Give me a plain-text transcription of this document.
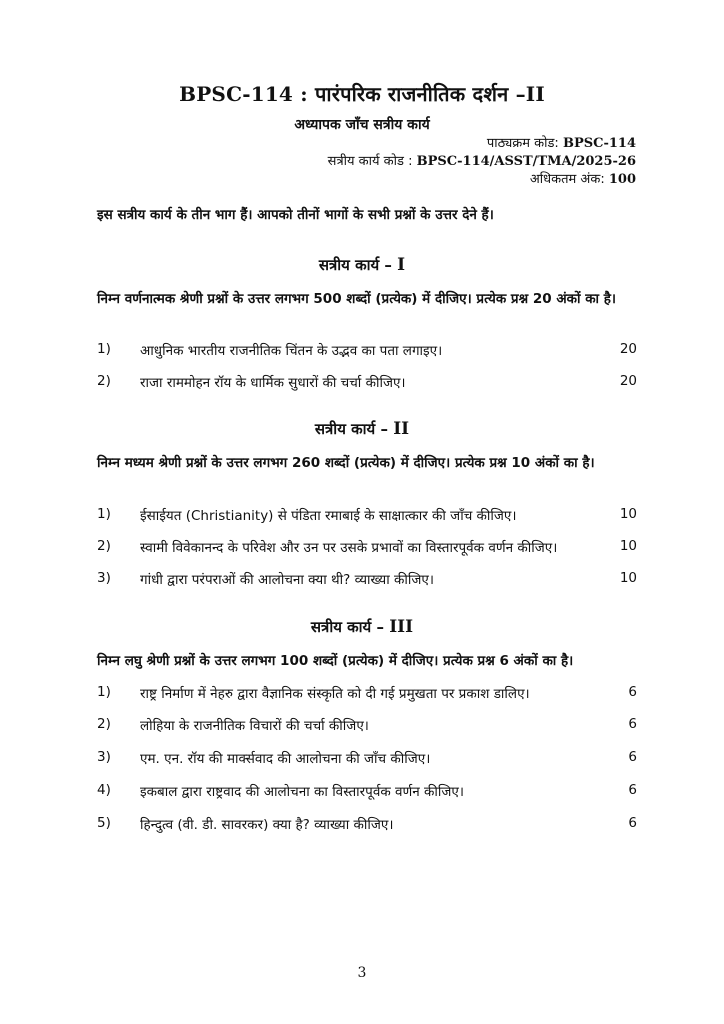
BPSC-114 : पारंपरिक राजनीतिक दर्शन –II
अध्यापक जाँच सत्रीय कार्य
पाठ्यक्रम कोड: BPSC-114
सत्रीय कार्य कोड : BPSC-114/ASST/TMA/2025-26
अधिकतम अंक: 100
इस सत्रीय कार्य के तीन भाग हैं। आपको तीनों भागों के सभी प्रश्नों के उत्तर देने हैं।
सत्रीय कार्य – I
निम्न वर्णनात्मक श्रेणी प्रश्नों के उत्तर लगभग 500 शब्दों (प्रत्येक) में दीजिए। प्रत्येक प्रश्न 20 अंकों का है।
1) आधुनिक भारतीय राजनीतिक चिंतन के उद्भव का पता लगाइए।	20
2) राजा राममोहन रॉय के धार्मिक सुधारों की चर्चा कीजिए।	20
सत्रीय कार्य – II
निम्न मध्यम श्रेणी प्रश्नों के उत्तर लगभग 260 शब्दों (प्रत्येक) में दीजिए। प्रत्येक प्रश्न 10 अंकों का है।
1) ईसाईयत (Christianity) से पंडिता रमाबाई के साक्षात्कार की जाँच कीजिए।	10
2) स्वामी विवेकानन्द के परिवेश और उन पर उसके प्रभावों का विस्तारपूर्वक वर्णन कीजिए।	10
3) गांधी द्वारा परंपराओं की आलोचना क्या थी? व्याख्या कीजिए।	10
सत्रीय कार्य – III
निम्न लघु श्रेणी प्रश्नों के उत्तर लगभग 100 शब्दों (प्रत्येक) में दीजिए। प्रत्येक प्रश्न 6 अंकों का है।
1) राष्ट्र निर्माण में नेहरु द्वारा वैज्ञानिक संस्कृति को दी गई प्रमुखता पर प्रकाश डालिए।	6
2) लोहिया के राजनीतिक विचारों की चर्चा कीजिए।	6
3) एम. एन. रॉय की मार्क्सवाद की आलोचना की जाँच कीजिए।	6
4) इकबाल द्वारा राष्ट्रवाद की आलोचना का विस्तारपूर्वक वर्णन कीजिए।	6
5) हिन्दुत्व (वी. डी. सावरकर) क्या है? व्याख्या कीजिए।	6
3
